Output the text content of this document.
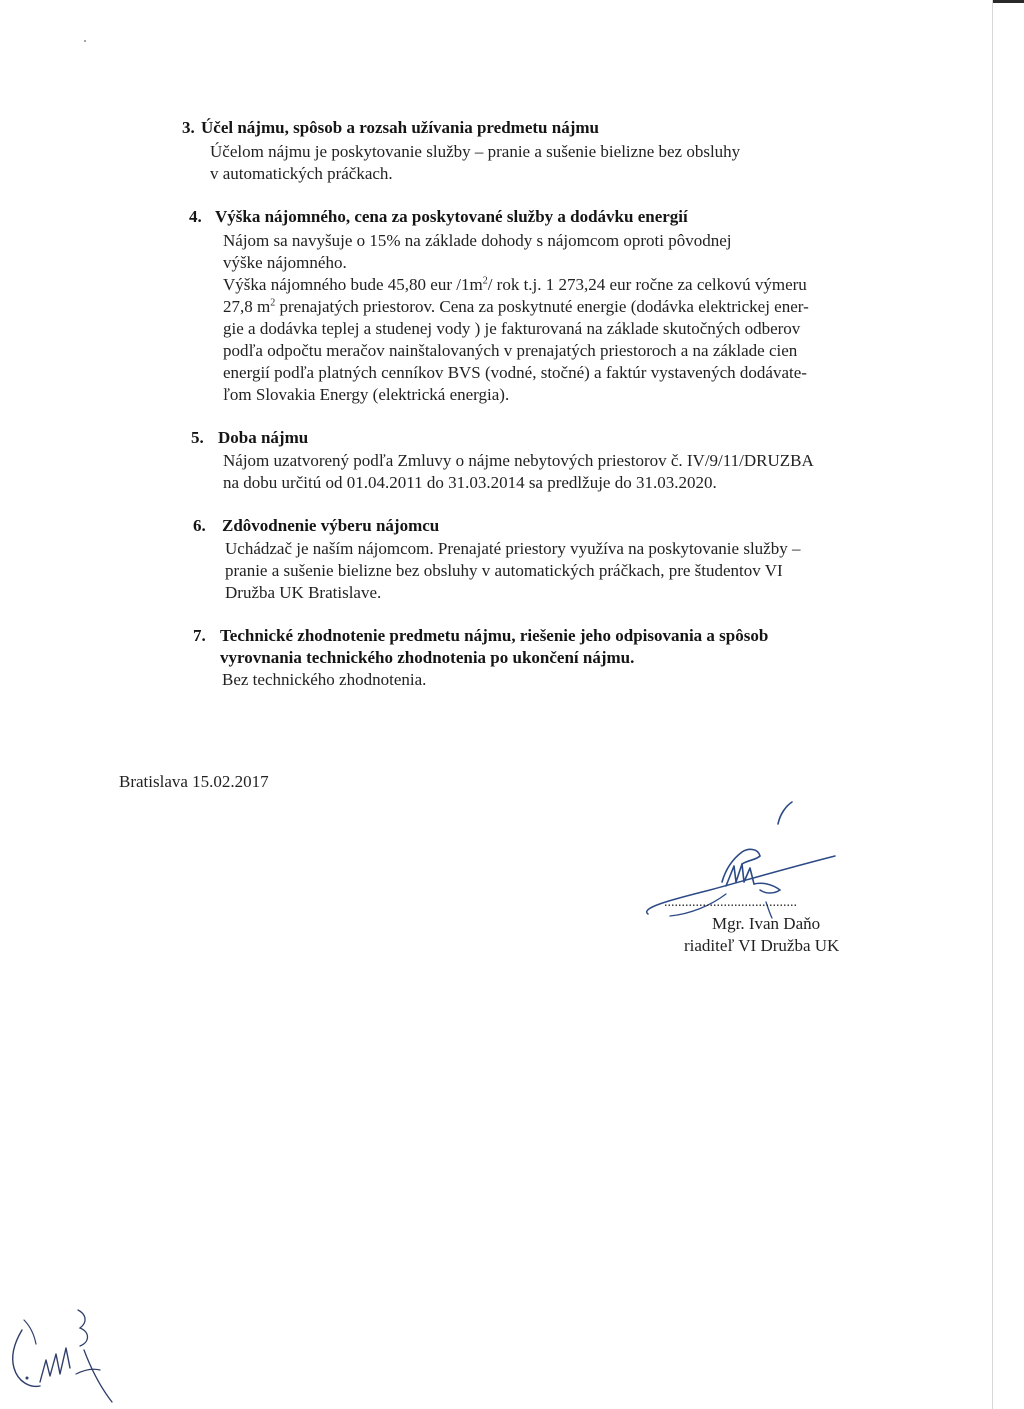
3. Účel nájmu, spôsob a rozsah užívania predmetu nájmu
Účelom nájmu je poskytovanie služby – pranie a sušenie bielizne bez obsluhy
v automatických práčkach.
4. Výška nájomného, cena za poskytované služby a dodávku energií
Nájom sa navyšuje o 15% na základe dohody s nájomcom oproti pôvodnej
výške nájomného.
Výška nájomného bude 45,80 eur $/1m^2/$ rok t.j. 1 273,24 eur ročne za celkovú výmeru
27,8 $m^2$ prenajatých priestorov. Cena za poskytnuté energie (dodávka elektrickej ener-
gie a dodávka teplej a studenej vody ) je fakturovaná na základe skutočných odberov
podľa odpočtu meračov nainštalovaných v prenajatých priestoroch a na základe cien
energií podľa platných cenníkov BVS (vodné, stočné) a faktúr vystavených dodávate-
ľom Slovakia Energy (elektrická energia).
5. Doba nájmu
Nájom uzatvorený podľa Zmluvy o nájme nebytových priestorov č. IV/9/11/DRUZBA
na dobu určitú od 01.04.2011 do 31.03.2014 sa predlžuje do 31.03.2020.
6. Zdôvodnenie výberu nájomcu
Uchádzač je naším nájomcom. Prenajaté priestory využíva na poskytovanie služby –
pranie a sušenie bielizne bez obsluhy v automatických práčkach, pre študentov VI
Družba UK Bratislave.
7. Technické zhodnotenie predmetu nájmu, riešenie jeho odpisovania a spôsob
vyrovnania technického zhodnotenia po ukončení nájmu.
Bez technického zhodnotenia.
Bratislava 15.02.2017
......................................
Mgr. Ivan Daňo
riaditeľ VI Družba UK
